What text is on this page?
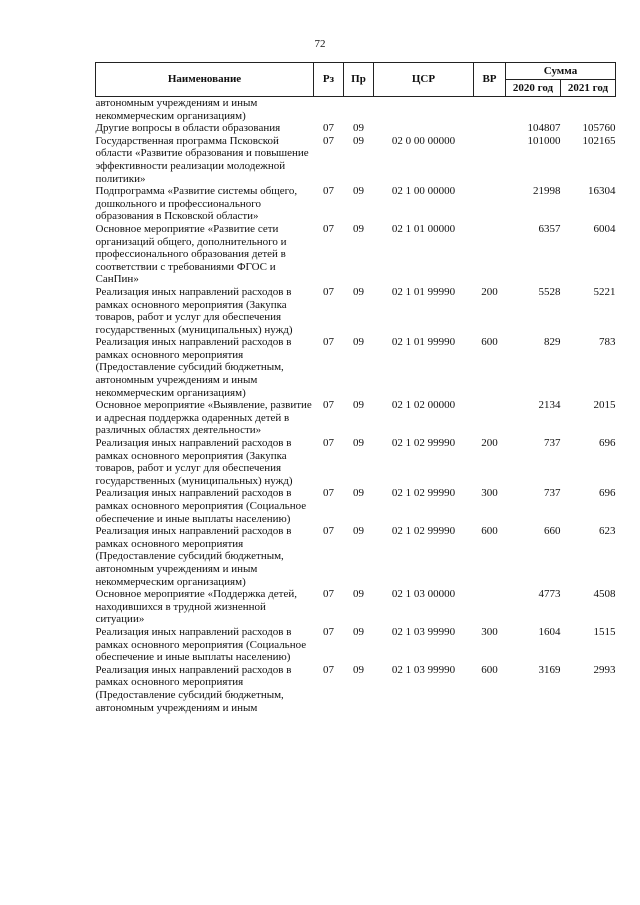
72
Наименование	Рз	Пр	ЦСР	ВР	Сумма	
					2020 год	2021 год
автономным учреждениям и иным некоммерческим организациям)						
Другие вопросы в области образования	07	09			104807	105760
Государственная программа Псковской области «Развитие образования и повышение эффективности реализации молодежной политики»	07	09	02 0 00 00000		101000	102165
Подпрограмма «Развитие системы общего, дошкольного и профессионального образования в Псковской области»	07	09	02 1 00 00000		21998	16304
Основное мероприятие «Развитие сети организаций общего, дополнительного и профессионального образования детей в соответствии с требованиями ФГОС и СанПин»	07	09	02 1 01 00000		6357	6004
Реализация иных направлений расходов в рамках основного мероприятия (Закупка товаров, работ и услуг для обеспечения государственных (муниципальных) нужд)	07	09	02 1 01 99990	200	5528	5221
Реализация иных направлений расходов в рамках основного мероприятия (Предоставление субсидий бюджетным, автономным учреждениям и иным некоммерческим организациям)	07	09	02 1 01 99990	600	829	783
Основное мероприятие «Выявление, развитие и адресная поддержка одаренных детей в различных областях деятельности»	07	09	02 1 02 00000		2134	2015
Реализация иных направлений расходов в рамках основного мероприятия (Закупка товаров, работ и услуг для обеспечения государственных (муниципальных) нужд)	07	09	02 1 02 99990	200	737	696
Реализация иных направлений расходов в рамках основного мероприятия (Социальное обеспечение и иные выплаты населению)	07	09	02 1 02 99990	300	737	696
Реализация иных направлений расходов в рамках основного мероприятия (Предоставление субсидий бюджетным, автономным учреждениям и иным некоммерческим организациям)	07	09	02 1 02 99990	600	660	623
Основное мероприятие «Поддержка детей, находившихся в трудной жизненной ситуации»	07	09	02 1 03 00000		4773	4508
Реализация иных направлений расходов в рамках основного мероприятия (Социальное обеспечение и иные выплаты населению)	07	09	02 1 03 99990	300	1604	1515
Реализация иных направлений расходов в рамках основного мероприятия (Предоставление субсидий бюджетным, автономным учреждениям и иным	07	09	02 1 03 99990	600	3169	2993
